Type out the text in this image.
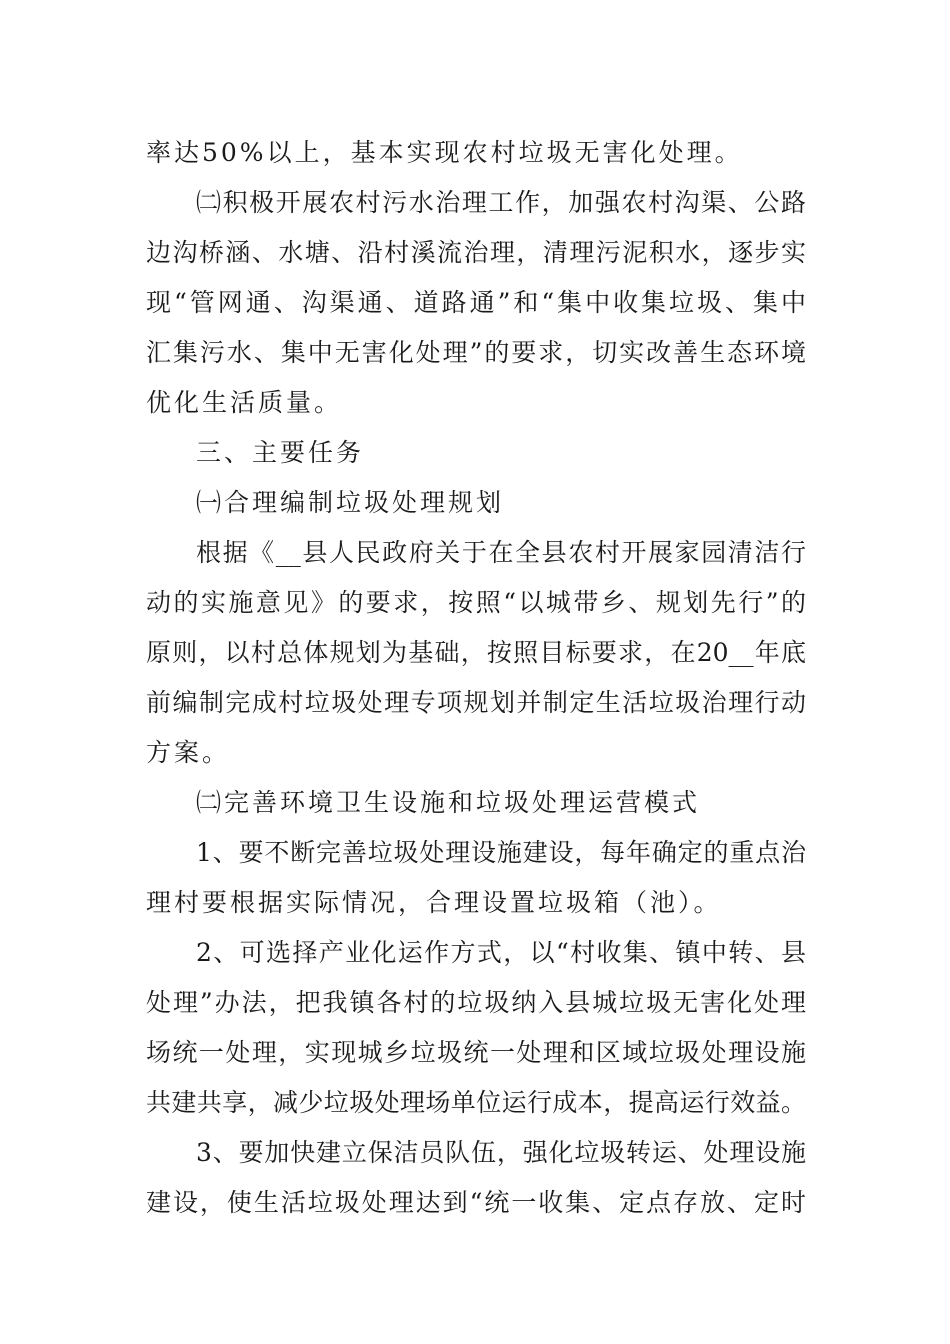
率达50%以上，基本实现农村垃圾无害化处理。
㈡积极开展农村污水治理工作，加强农村沟渠、公路
边沟桥涵、水塘、沿村溪流治理，清理污泥积水，逐步实
现“管网通、沟渠通、道路通”和“集中收集垃圾、集中
汇集污水、集中无害化处理”的要求，切实改善生态环境
优化生活质量。
三、主要任务
㈠合理编制垃圾处理规划
根据《__县人民政府关于在全县农村开展家园清洁行
动的实施意见》的要求，按照“以城带乡、规划先行”的
原则，以村总体规划为基础，按照目标要求，在20__年底
前编制完成村垃圾处理专项规划并制定生活垃圾治理行动
方案。
㈡完善环境卫生设施和垃圾处理运营模式
1、要不断完善垃圾处理设施建设，每年确定的重点治
理村要根据实际情况，合理设置垃圾箱（池）。
2、可选择产业化运作方式，以“村收集、镇中转、县
处理”办法，把我镇各村的垃圾纳入县城垃圾无害化处理
场统一处理，实现城乡垃圾统一处理和区域垃圾处理设施
共建共享，减少垃圾处理场单位运行成本，提高运行效益。
3、要加快建立保洁员队伍，强化垃圾转运、处理设施
建设，使生活垃圾处理达到“统一收集、定点存放、定时
